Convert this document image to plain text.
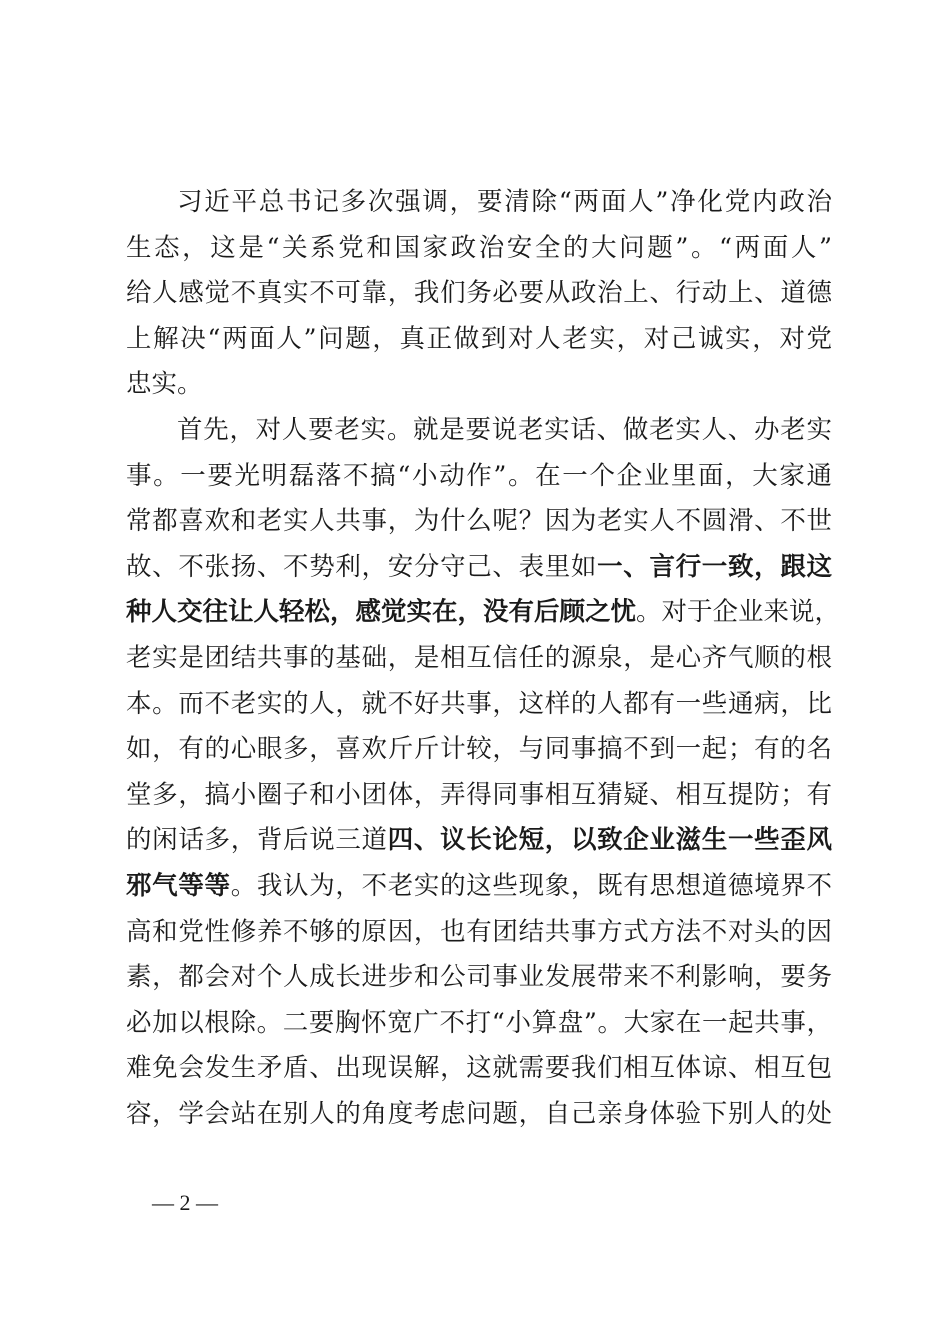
习近平总书记多次强调，要清除“两面人”净化党内政治
生态，这是“关系党和国家政治安全的大问题”。“两面人”
给人感觉不真实不可靠，我们务必要从政治上、行动上、道德
上解决“两面人”问题，真正做到对人老实，对己诚实，对党
忠实。
首先，对人要老实。就是要说老实话、做老实人、办老实
事。一要光明磊落不搞“小动作”。在一个企业里面，大家通
常都喜欢和老实人共事，为什么呢？因为老实人不圆滑、不世
故、不张扬、不势利，安分守己、表里如一、言行一致，跟这
种人交往让人轻松，感觉实在，没有后顾之忧。对于企业来说，
老实是团结共事的基础，是相互信任的源泉，是心齐气顺的根
本。而不老实的人，就不好共事，这样的人都有一些通病，比
如，有的心眼多，喜欢斤斤计较，与同事搞不到一起；有的名
堂多，搞小圈子和小团体，弄得同事相互猜疑、相互提防；有
的闲话多，背后说三道四、议长论短，以致企业滋生一些歪风
邪气等等。我认为，不老实的这些现象，既有思想道德境界不
高和党性修养不够的原因，也有团结共事方式方法不对头的因
素，都会对个人成长进步和公司事业发展带来不利影响，要务
必加以根除。二要胸怀宽广不打“小算盘”。大家在一起共事，
难免会发生矛盾、出现误解，这就需要我们相互体谅、相互包
容，学会站在别人的角度考虑问题，自己亲身体验下别人的处
— 2 —
